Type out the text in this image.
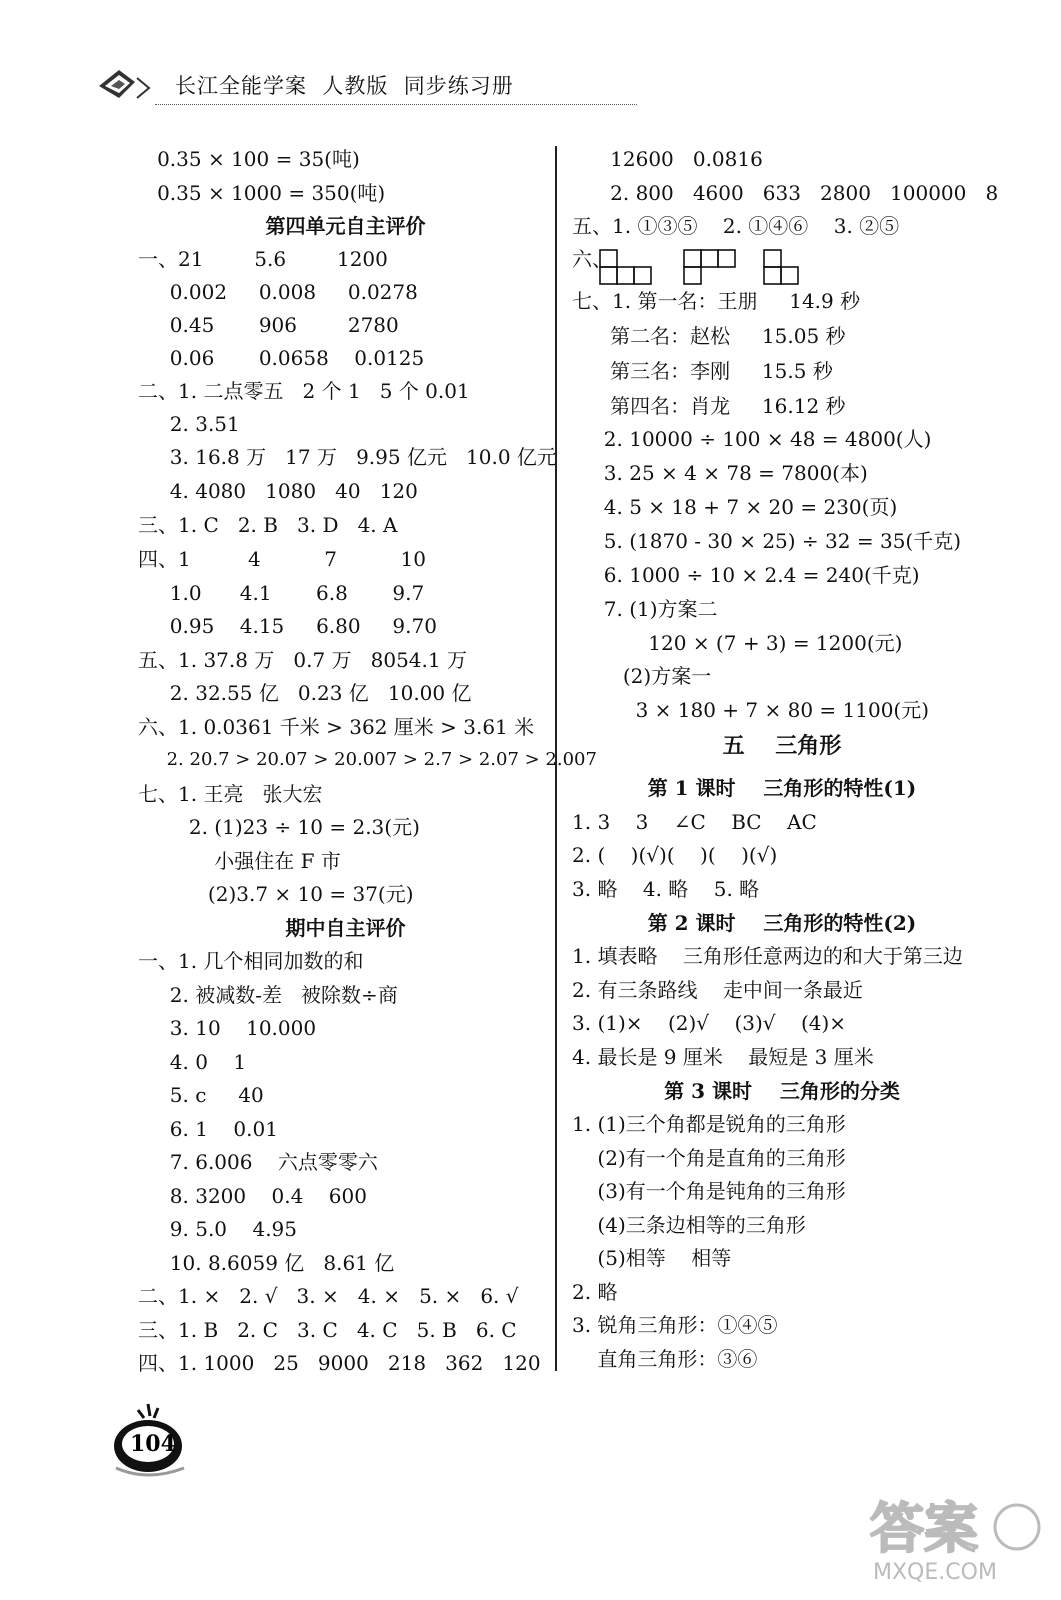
长江全能学案  人教版  同步练习册
0.35 × 100 = 35(吨)
0.35 × 1000 = 350(吨)
第四单元自主评价
一、21        5.6        1200
0.002     0.008     0.0278
0.45       906        2780
0.06       0.0658    0.0125
二、1. 二点零五   2 个 1   5 个 0.01
2. 3.51
3. 16.8 万   17 万   9.95 亿元   10.0 亿元
4. 4080   1080   40   120
三、1. C   2. B   3. D   4. A
四、1         4          7          10
1.0      4.1       6.8       9.7
0.95    4.15     6.80     9.70
五、1. 37.8 万   0.7 万   8054.1 万
2. 32.55 亿   0.23 亿   10.00 亿
六、1. 0.0361 千米 > 362 厘米 > 3.61 米
2. 20.7 > 20.07 > 20.007 > 2.7 > 2.07 > 2.007
七、1. 王亮   张大宏
2. (1)23 ÷ 10 = 2.3(元)
小强住在 F 市
(2)3.7 × 10 = 37(元)
期中自主评价
一、1. 几个相同加数的和
2. 被减数-差   被除数÷商
3. 10    10.000
4. 0    1
5. c     40
6. 1    0.01
7. 6.006    六点零零六
8. 3200    0.4    600
9. 5.0    4.95
10. 8.6059 亿   8.61 亿
二、1. ×   2. √   3. ×   4. ×   5. ×   6. √
三、1. B   2. C   3. C   4. C   5. B   6. C
四、1. 1000   25   9000   218   362   120
12600   0.0816
2. 800   4600   633   2800   100000   8
五、1. ①③⑤    2. ①④⑥    3. ②⑤
六、
七、1. 第一名：王朋     14.9 秒
第二名：赵松     15.05 秒
第三名：李刚     15.5 秒
第四名：肖龙     16.12 秒
2. 10000 ÷ 100 × 48 = 4800(人)
3. 25 × 4 × 78 = 7800(本)
4. 5 × 18 + 7 × 20 = 230(页)
5. (1870 - 30 × 25) ÷ 32 = 35(千克)
6. 1000 ÷ 10 × 2.4 = 240(千克)
7. (1)方案二
120 × (7 + 3) = 1200(元)
(2)方案一
3 × 180 + 7 × 80 = 1100(元)
五    三角形
第 1 课时    三角形的特性(1)
1. 3    3    ∠C    BC    AC
2. (    )(√)(    )(    )(√)
3. 略    4. 略    5. 略
第 2 课时    三角形的特性(2)
1. 填表略    三角形任意两边的和大于第三边
2. 有三条路线    走中间一条最近
3. (1)×    (2)√    (3)√    (4)×
4. 最长是 9 厘米    最短是 3 厘米
第 3 课时    三角形的分类
1. (1)三个角都是锐角的三角形
(2)有一个角是直角的三角形
(3)有一个角是钝角的三角形
(4)三条边相等的三角形
(5)相等    相等
2. 略
3. 锐角三角形：①④⑤
直角三角形：③⑥
104
答案
MXQE.COM
